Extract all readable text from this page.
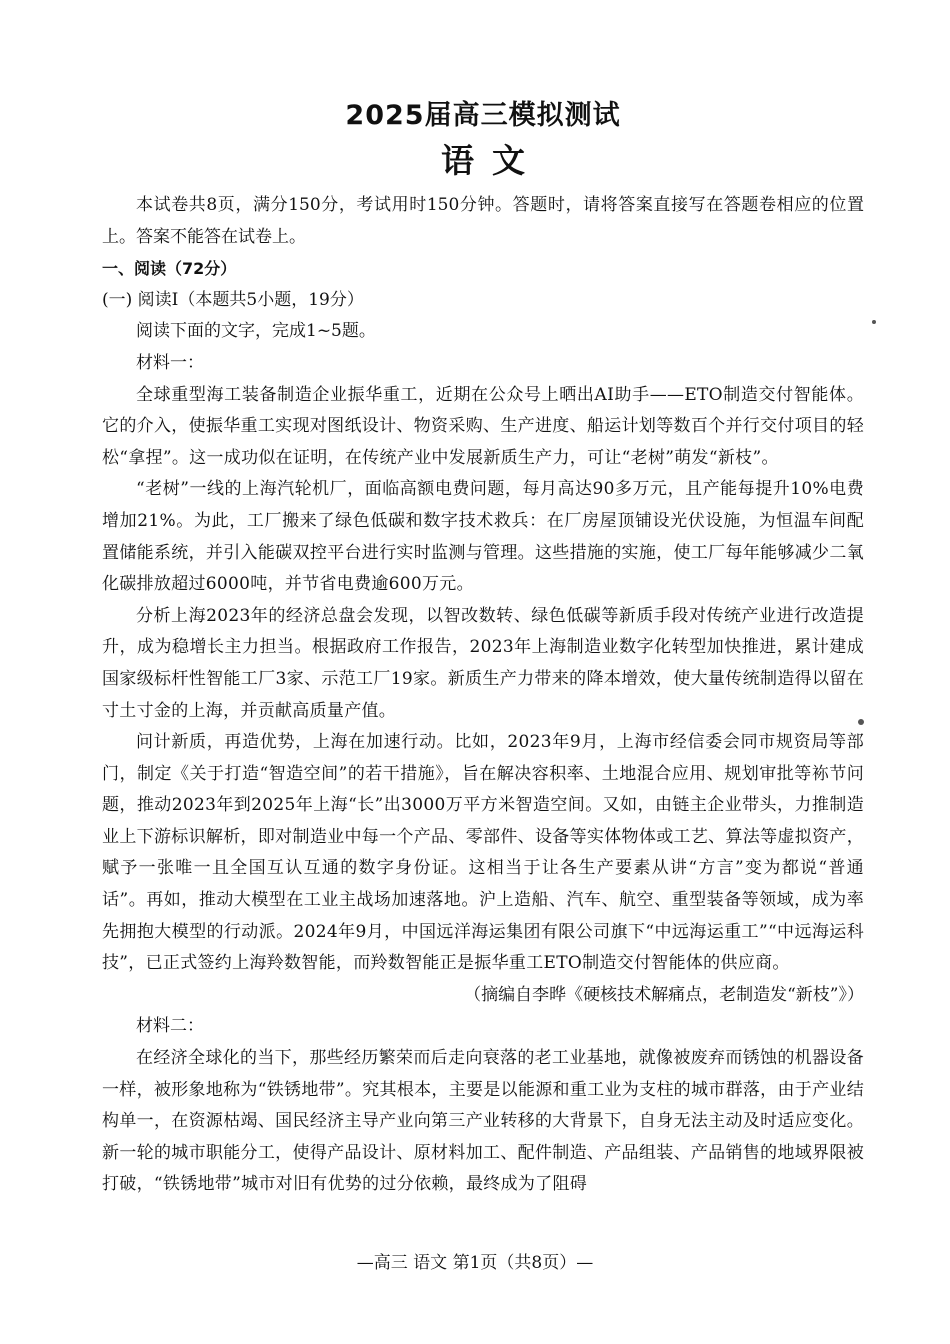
2025届高三模拟测试
语文

本试卷共8页，满分150分，考试用时150分钟。答题时，请将答案直接写在答题卷相应的位置上。答案不能答在试卷上。

一、阅读（72分）

(一) 阅读I（本题共5小题，19分）

阅读下面的文字，完成1~5题。

材料一：

全球重型海工装备制造企业振华重工，近期在公众号上晒出AI助手——ETO制造交付智能体。它的介入，使振华重工实现对图纸设计、物资采购、生产进度、船运计划等数百个并行交付项目的轻松“拿捏”。这一成功似在证明，在传统产业中发展新质生产力，可让“老树”萌发“新枝”。

“老树”一线的上海汽轮机厂，面临高额电费问题，每月高达90多万元，且产能每提升10%电费增加21%。为此，工厂搬来了绿色低碳和数字技术救兵：在厂房屋顶铺设光伏设施，为恒温车间配置储能系统，并引入能碳双控平台进行实时监测与管理。这些措施的实施，使工厂每年能够减少二氧化碳排放超过6000吨，并节省电费逾600万元。

分析上海2023年的经济总盘会发现，以智改数转、绿色低碳等新质手段对传统产业进行改造提升，成为稳增长主力担当。根据政府工作报告，2023年上海制造业数字化转型加快推进，累计建成国家级标杆性智能工厂3家、示范工厂19家。新质生产力带来的降本增效，使大量传统制造得以留在寸土寸金的上海，并贡献高质量产值。

问计新质，再造优势，上海在加速行动。比如，2023年9月，上海市经信委会同市规资局等部门，制定《关于打造“智造空间”的若干措施》，旨在解决容积率、土地混合应用、规划审批等袮节问题，推动2023年到2025年上海“长”出3000万平方米智造空间。又如，由链主企业带头，力推制造业上下游标识解析，即对制造业中每一个产品、零部件、设备等实体物体或工艺、算法等虚拟资产，赋予一张唯一且全国互认互通的数字身份证。这相当于让各生产要素从讲“方言”变为都说“普通话”。再如，推动大模型在工业主战场加速落地。沪上造船、汽车、航空、重型装备等领域，成为率先拥抱大模型的行动派。2024年9月，中国远洋海运集团有限公司旗下“中远海运重工”“中远海运科技”，已正式签约上海羚数智能，而羚数智能正是振华重工ETO制造交付智能体的供应商。

（摘编自李晔《硬核技术解痛点，老制造发“新枝”》）

材料二：

在经济全球化的当下，那些经历繁荣而后走向衰落的老工业基地，就像被废弃而锈蚀的机器设备一样，被形象地称为“铁锈地带”。究其根本，主要是以能源和重工业为支柱的城市群落，由于产业结构单一，在资源枯竭、国民经济主导产业向第三产业转移的大背景下，自身无法主动及时适应变化。新一轮的城市职能分工，使得产品设计、原材料加工、配件制造、产品组装、产品销售的地域界限被打破，“铁锈地带”城市对旧有优势的过分依赖，最终成为了阻碍

—高三 语文 第1页（共8页）—
